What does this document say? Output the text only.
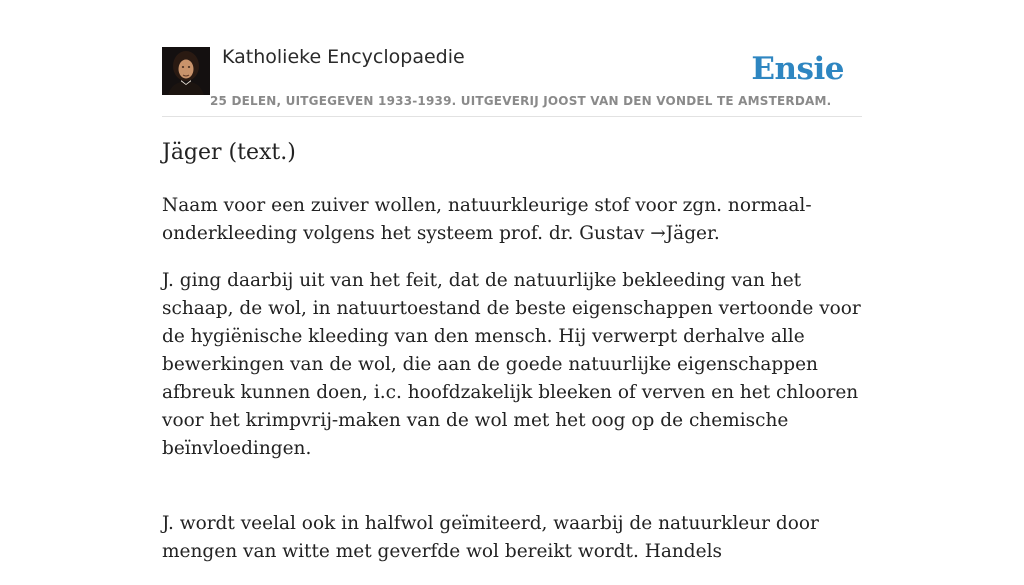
Katholieke Encyclopaedie
25 DELEN, UITGEGEVEN 1933-1939. UITGEVERIJ JOOST VAN DEN VONDEL TE AMSTERDAM.
Ensie
Jäger (text.)

Naam voor een zuiver wollen, natuurkleurige stof voor zgn. normaal-onderkleeding volgens het systeem prof. dr. Gustav →Jäger.

J. ging daarbij uit van het feit, dat de natuurlijke bekleeding van het schaap, de wol, in natuurtoestand de beste eigenschappen vertoonde voor de hygiënische kleeding van den mensch. Hij verwerpt derhalve alle bewerkingen van de wol, die aan de goede natuurlijke eigenschappen afbreuk kunnen doen, i.c. hoofdzakelijk bleeken of verven en het chlooren voor het krimpvrij-maken van de wol met het oog op de chemische beïnvloedingen.

J. wordt veelal ook in halfwol geïmiteerd, waarbij de natuurkleur door mengen van witte met geverfde wol bereikt wordt. Handels
